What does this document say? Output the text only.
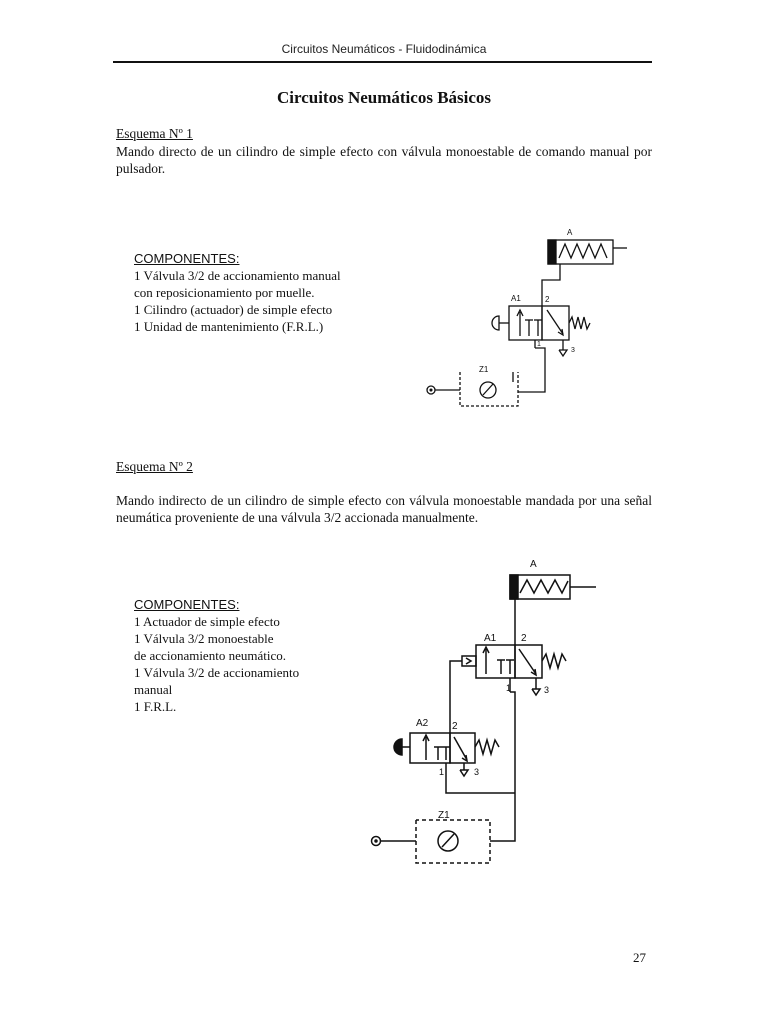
Circuitos Neumáticos - Fluidodinámica
Circuitos Neumáticos Básicos
Esquema Nº 1
Mando directo de un cilindro de simple efecto con válvula monoestable de comando manual por pulsador.
COMPONENTES:
1 Válvula 3/2 de accionamiento manual
con reposicionamiento por muelle.
1 Cilindro (actuador) de simple efecto
1 Unidad de mantenimiento (F.R.L.)
A
A1	2
1
3
Z1
Esquema Nº 2
Mando indirecto de un cilindro de simple efecto con válvula monoestable mandada por una señal neumática proveniente de una válvula 3/2 accionada manualmente.
COMPONENTES:
1 Actuador de simple efecto
1 Válvula 3/2 monoestable
de accionamiento neumático.
1 Válvula 3/2 de accionamiento
manual
1 F.R.L.
A
A1 2
1	3
A2 2
1	3
Z1
27
